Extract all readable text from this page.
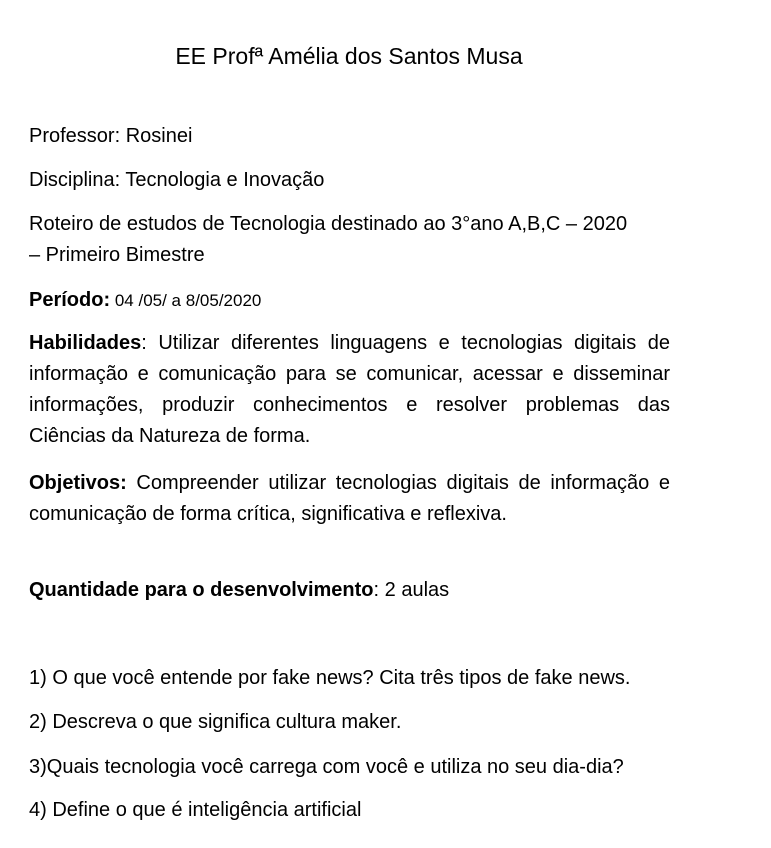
EE Profª Amélia dos Santos Musa
Professor: Rosinei
Disciplina: Tecnologia e Inovação
Roteiro de estudos de Tecnologia destinado ao 3°ano A,B,C – 2020
– Primeiro Bimestre
Período: 04 /05/ a 8/05/2020
Habilidades: Utilizar diferentes linguagens e tecnologias digitais de informação e comunicação para se comunicar, acessar e disseminar informações, produzir conhecimentos e resolver problemas das Ciências da Natureza de forma.
Objetivos: Compreender utilizar tecnologias digitais de informação e comunicação de forma crítica, significativa e reflexiva.
Quantidade para o desenvolvimento: 2 aulas
1) O que você entende por fake news? Cita três tipos de fake news.
2) Descreva o que significa cultura maker.
3)Quais tecnologia você carrega com você e utiliza no seu dia-dia?
4) Define o que é inteligência artificial
